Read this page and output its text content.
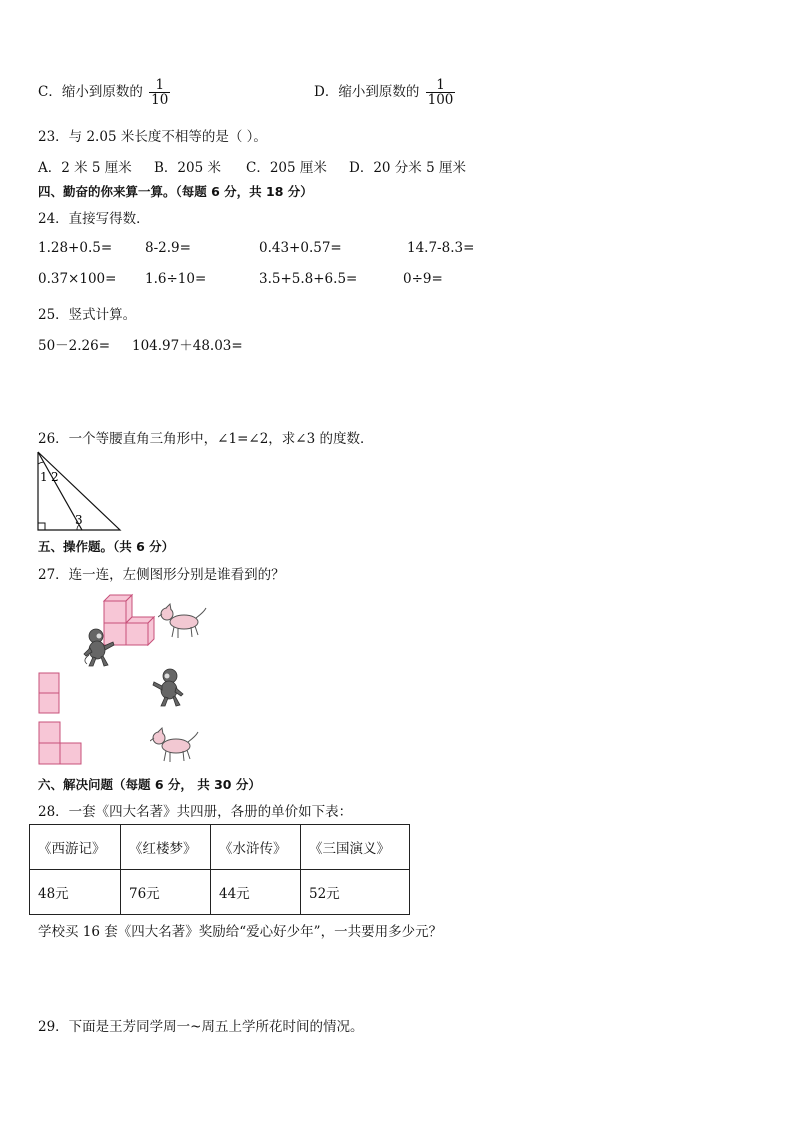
C．缩小到原数的 $\frac{1}{10}$	D．缩小到原数的 $\frac{1}{100}$
23．与 2.05 米长度不相等的是（ ）。
A．2 米 5 厘米 B．205 米 C．205 厘米 D．20 分米 5 厘米
四、勤奋的你来算一算。（每题 6 分，共 18 分）
24．直接写得数．
1.28+0.5= 8-2.9=	0.43+0.57=	14.7-8.3=
0.37×100= 1.6÷10=	3.5+5.8+6.5=	0÷9=
25．竖式计算。
50－2.26= 104.97＋48.03=
26．一个等腰直角三角形中，∠1=∠2，求∠3 的度数．
1 2
3
五、操作题。（共 6 分）
27．连一连，左侧图形分别是谁看到的？
六、解决问题（每题 6 分， 共 30 分）
28．一套《四大名著》共四册，各册的单价如下表：
《西游记》	《红楼梦》	《水浒传》	《三国演义》
48元	76元	44元	52元
学校买 16 套《四大名著》奖励给“爱心好少年”，一共要用多少元？
29．下面是王芳同学周一~周五上学所花时间的情况。
